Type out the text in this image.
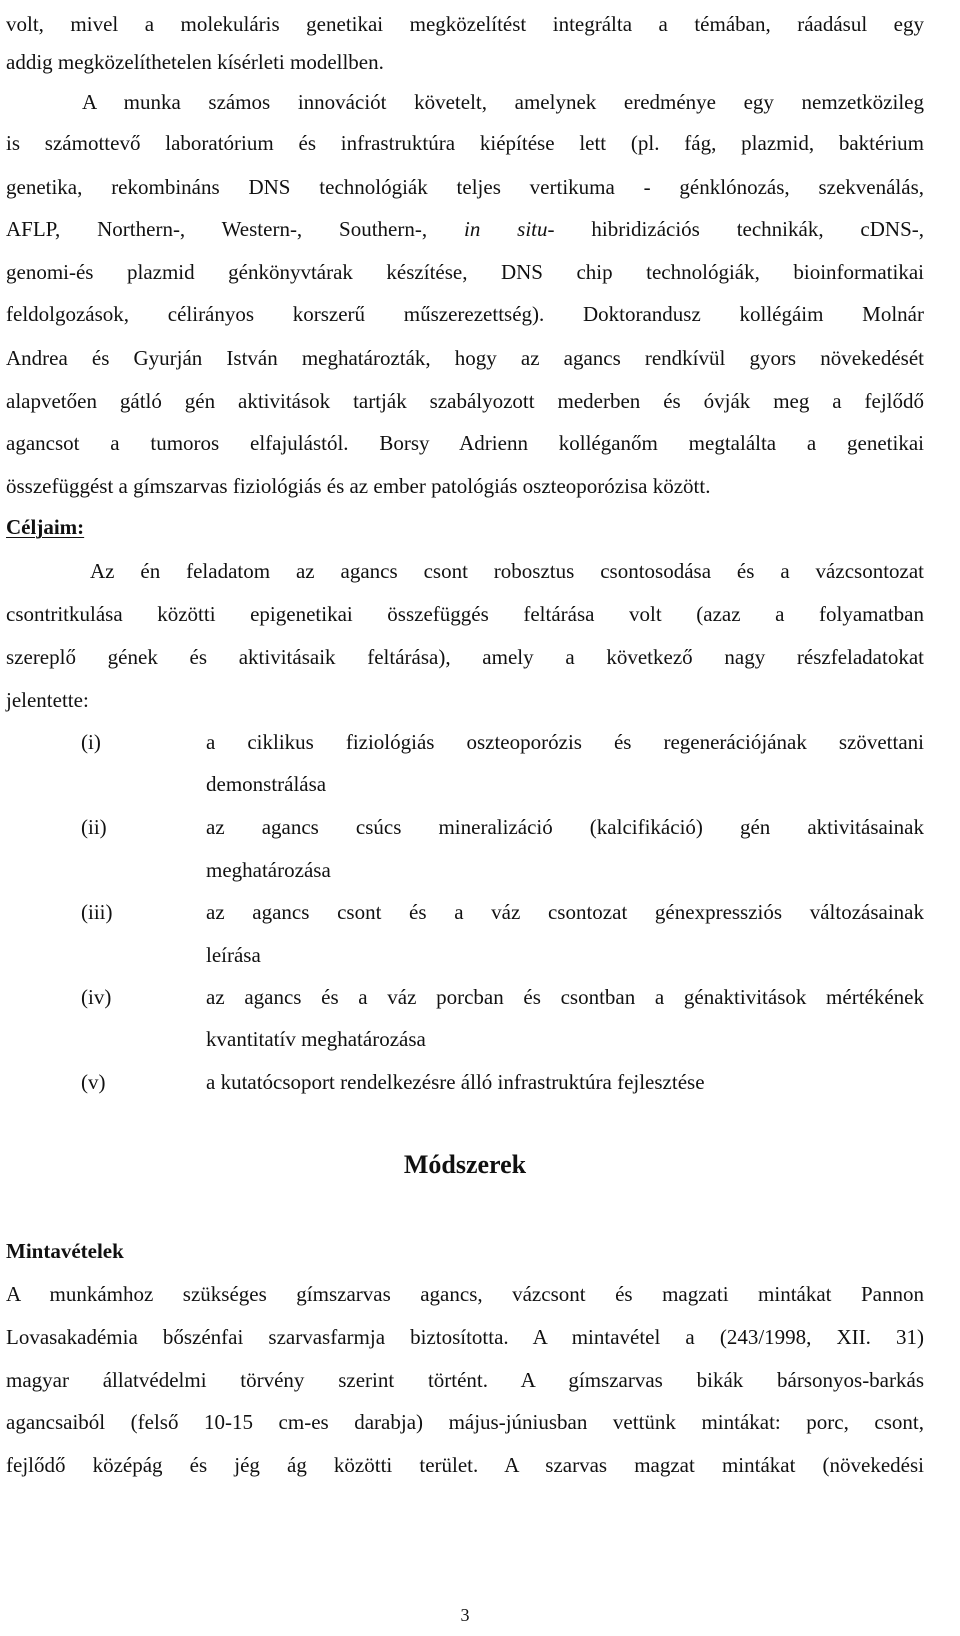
volt, mivel a molekuláris genetikai megközelítést integrálta a témában, ráadásul egy
addig megközelíthetelen kísérleti modellben.
A munka számos innovációt követelt, amelynek eredménye egy nemzetközileg
is számottevő laboratórium és infrastruktúra kiépítése lett (pl. fág, plazmid, baktérium
genetika, rekombináns DNS technológiák teljes vertikuma - génklónozás, szekvenálás,
AFLP, Northern-, Western-, Southern-, in situ- hibridizációs technikák, cDNS-,
genomi-és plazmid génkönyvtárak készítése, DNS chip technológiák, bioinformatikai
feldolgozások, célirányos korszerű műszerezettség). Doktorandusz kollégáim Molnár
Andrea és Gyurján István meghatározták, hogy az agancs rendkívül gyors növekedését
alapvetően gátló gén aktivitások tartják szabályozott mederben és óvják meg a fejlődő
agancsot a tumoros elfajulástól. Borsy Adrienn kolléganőm megtalálta a genetikai
összefüggést a gímszarvas fiziológiás és az ember patológiás oszteoporózisa között.
Céljaim:
Az én feladatom az agancs csont robosztus csontosodása és a vázcsontozat
csontritkulása közötti epigenetikai összefüggés feltárása volt (azaz a folyamatban
szereplő gének és aktivitásaik feltárása), amely a következő nagy részfeladatokat
jelentette:
(i)	a ciklikus fiziológiás oszteoporózis és regenerációjának szövettani
demonstrálása
(ii)	az agancs csúcs mineralizáció (kalcifikáció) gén aktivitásainak
meghatározása
(iii)	az agancs csont és a váz csontozat génexpressziós változásainak
leírása
(iv)	az agancs és a váz porcban és csontban a génaktivitások mértékének
kvantitatív meghatározása
(v)	a kutatócsoport rendelkezésre álló infrastruktúra fejlesztése
Módszerek
Mintavételek
A munkámhoz szükséges gímszarvas agancs, vázcsont és magzati mintákat Pannon
Lovasakadémia bőszénfai szarvasfarmja biztosította. A mintavétel a (243/1998, XII. 31)
magyar állatvédelmi törvény szerint történt. A gímszarvas bikák bársonyos-barkás
agancsaiból (felső 10-15 cm-es darabja) május-júniusban vettünk mintákat: porc, csont,
fejlődő középág és jég ág közötti terület. A szarvas magzat mintákat (növekedési
3
